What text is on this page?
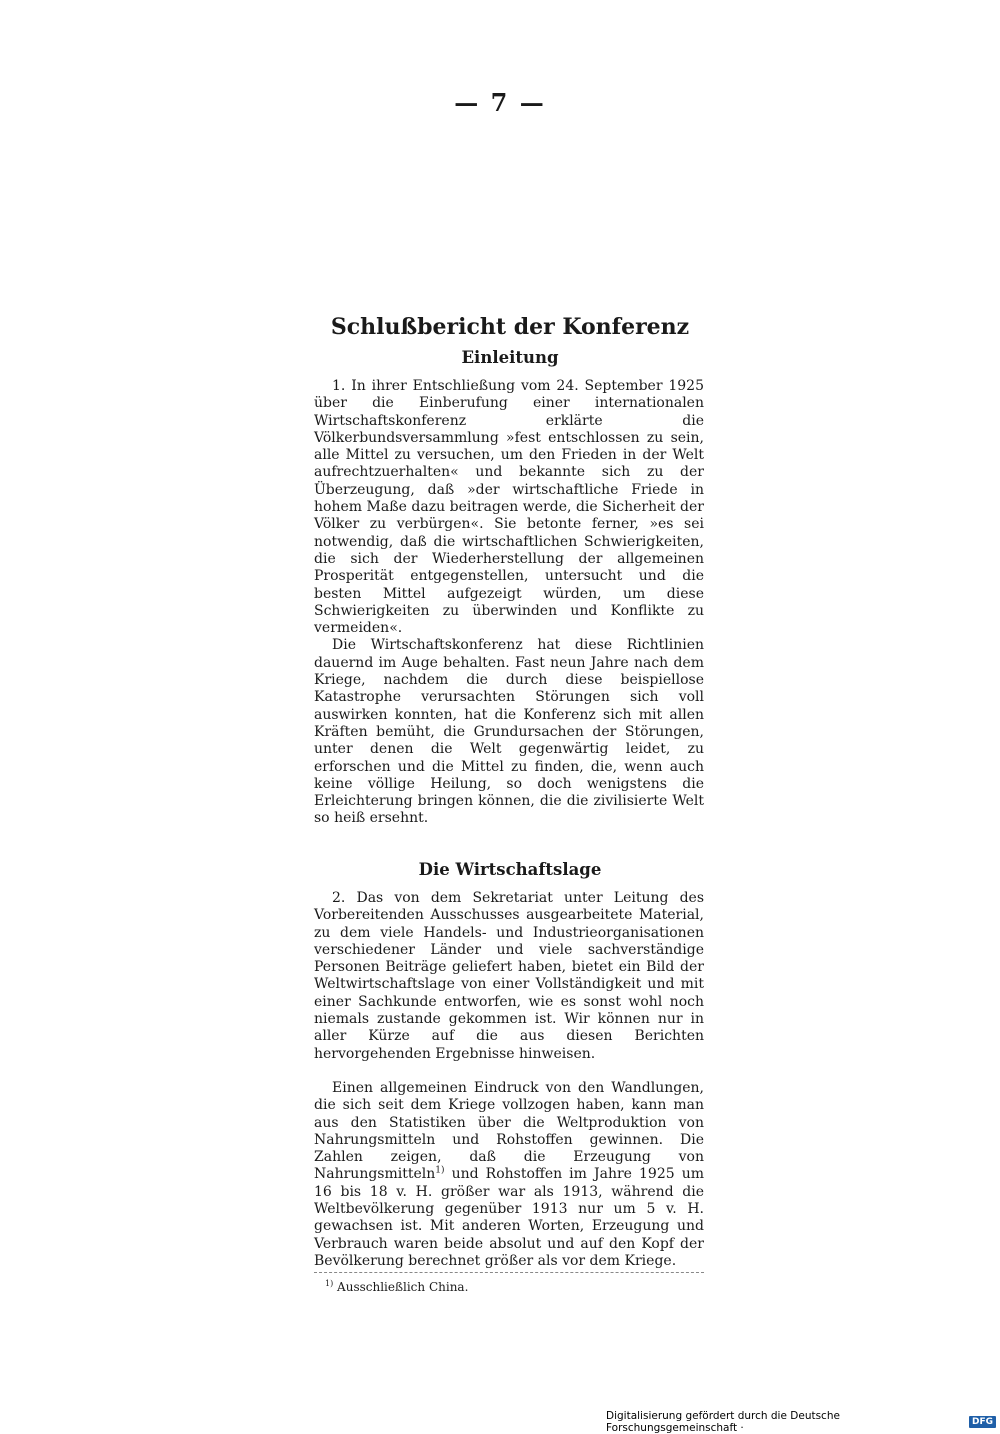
— 7 —
Schlußbericht der Konferenz
Einleitung

1. In ihrer Entschließung vom 24. September 1925 über die Einberufung einer internationalen Wirtschaftskonferenz erklärte die Völkerbundsversammlung »fest entschlossen zu sein, alle Mittel zu versuchen, um den Frieden in der Welt aufrechtzuerhalten« und bekannte sich zu der Überzeugung, daß »der wirtschaftliche Friede in hohem Maße dazu beitragen werde, die Sicherheit der Völker zu verbürgen«. Sie betonte ferner, »es sei notwendig, daß die wirtschaftlichen Schwierigkeiten, die sich der Wiederherstellung der allgemeinen Prosperität entgegenstellen, untersucht und die besten Mittel aufgezeigt würden, um diese Schwierigkeiten zu überwinden und Konflikte zu vermeiden«.

Die Wirtschaftskonferenz hat diese Richtlinien dauernd im Auge behalten. Fast neun Jahre nach dem Kriege, nachdem die durch diese beispiellose Katastrophe verursachten Störungen sich voll auswirken konnten, hat die Konferenz sich mit allen Kräften bemüht, die Grundursachen der Störungen, unter denen die Welt gegenwärtig leidet, zu erforschen und die Mittel zu finden, die, wenn auch keine völlige Heilung, so doch wenigstens die Erleichterung bringen können, die die zivilisierte Welt so heiß ersehnt.

Die Wirtschaftslage

2. Das von dem Sekretariat unter Leitung des Vorbereitenden Ausschusses ausgearbeitete Material, zu dem viele Handels- und Industrieorganisationen verschiedener Länder und viele sachverständige Personen Beiträge geliefert haben, bietet ein Bild der Weltwirtschaftslage von einer Vollständigkeit und mit einer Sachkunde entworfen, wie es sonst wohl noch niemals zustande gekommen ist. Wir können nur in aller Kürze auf die aus diesen Berichten hervorgehenden Ergebnisse hinweisen.

Einen allgemeinen Eindruck von den Wandlungen, die sich seit dem Kriege vollzogen haben, kann man aus den Statistiken über die Weltproduktion von Nahrungsmitteln und Rohstoffen gewinnen. Die Zahlen zeigen, daß die Erzeugung von Nahrungsmitteln$^{1)}$ und Rohstoffen im Jahre 1925 um 16 bis 18 v. H. größer war als 1913, während die Weltbevölkerung gegenüber 1913 nur um 5 v. H. gewachsen ist. Mit anderen Worten, Erzeugung und Verbrauch waren beide absolut und auf den Kopf der Bevölkerung berechnet größer als vor dem Kriege.

$^{1)}$ Ausschließlich China.
Digitalisierung gefördert durch die Deutsche Forschungsgemeinschaft ·	DFG
